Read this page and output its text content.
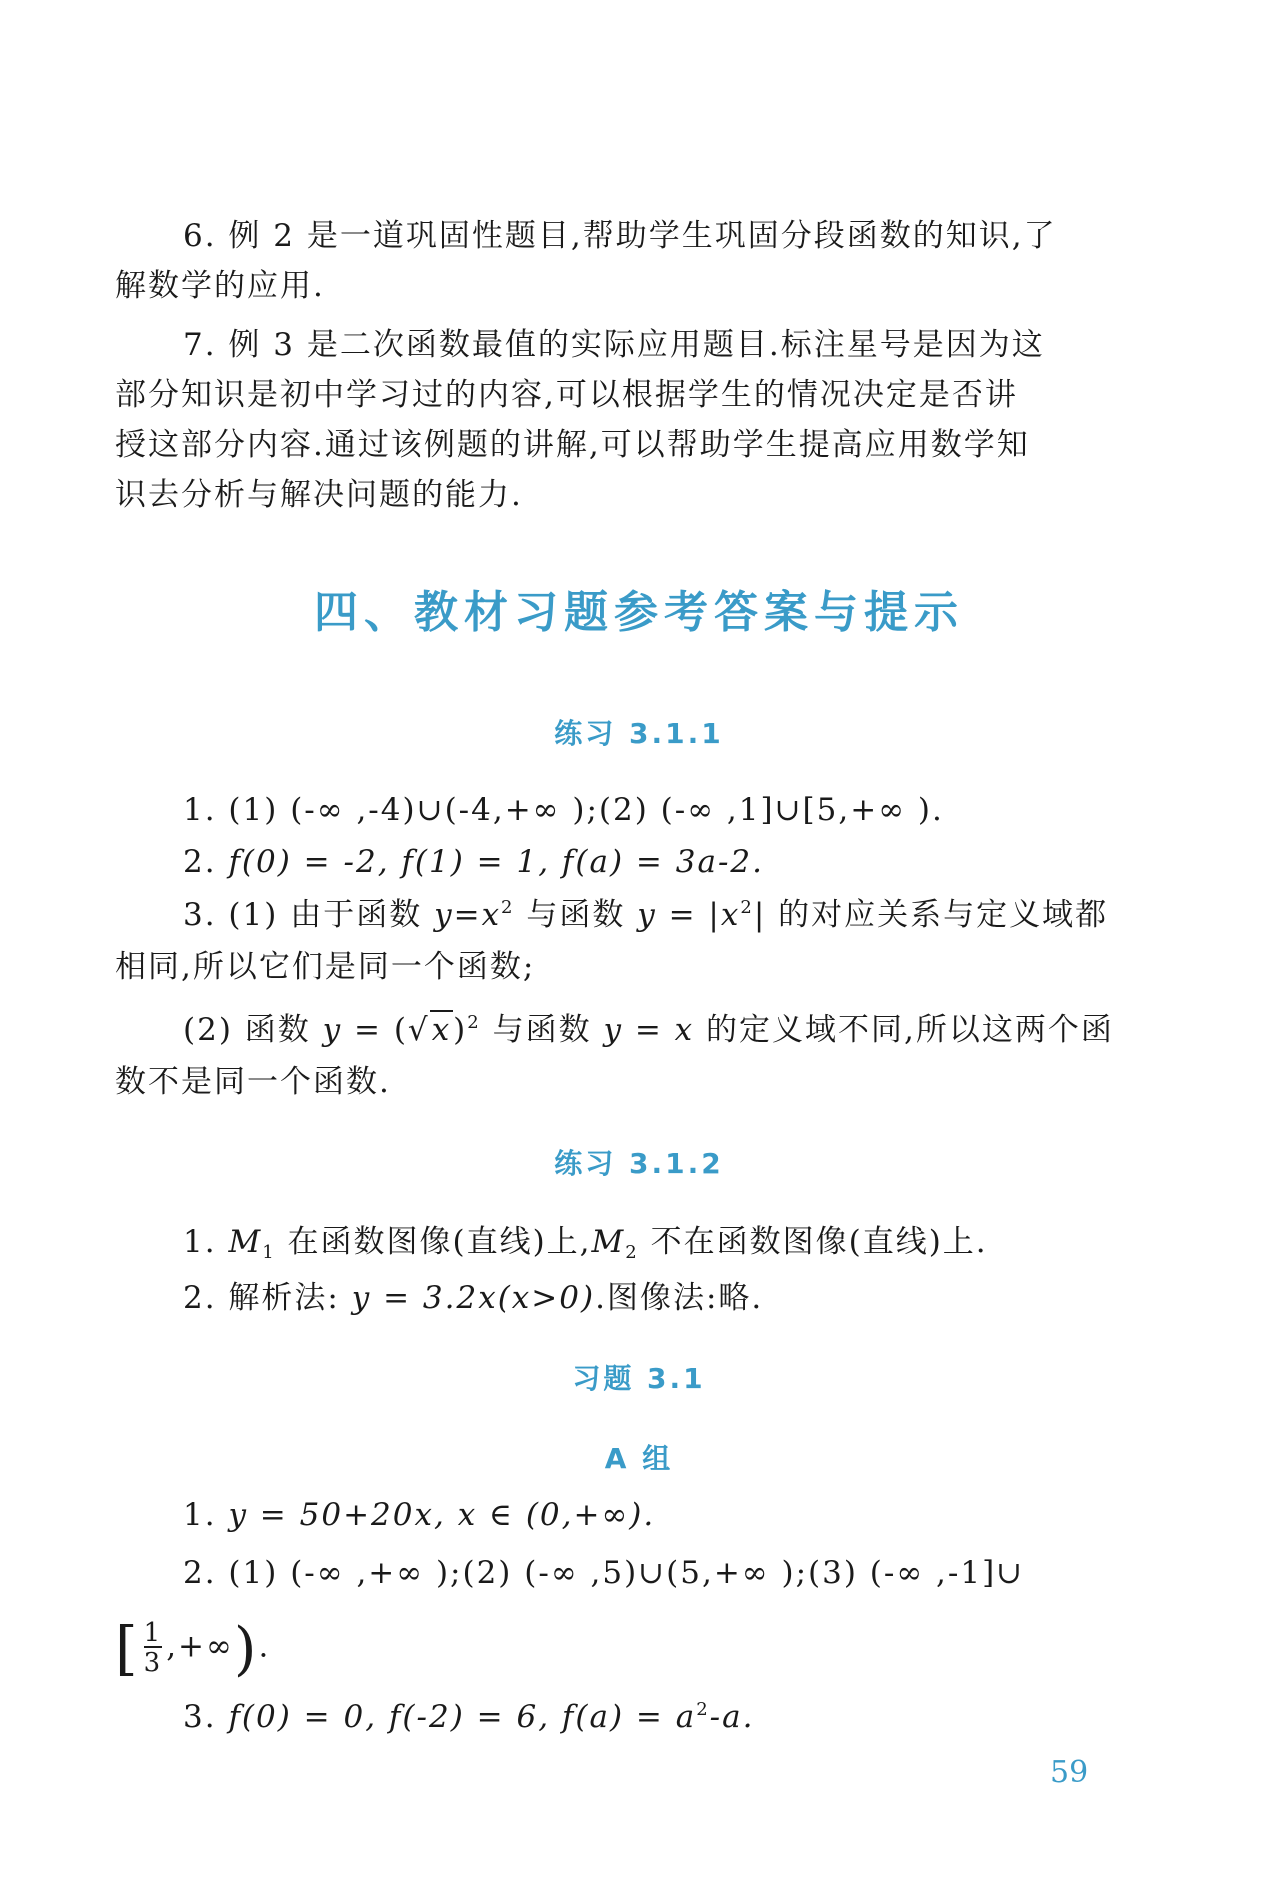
6. 例 2 是一道巩固性题目,帮助学生巩固分段函数的知识,了
解数学的应用.
7. 例 3 是二次函数最值的实际应用题目.标注星号是因为这
部分知识是初中学习过的内容,可以根据学生的情况决定是否讲
授这部分内容.通过该例题的讲解,可以帮助学生提高应用数学知
识去分析与解决问题的能力.
四、教材习题参考答案与提示
练习 3.1.1
1. (1) (-∞ ,-4)∪(-4,+∞ );(2) (-∞ ,1]∪[5,+∞ ).
2. f(0) = -2, f(1) = 1, f(a) = 3a-2.
3. (1) 由于函数 $y=x^2$ 与函数 $y = |x^2|$ 的对应关系与定义域都
相同,所以它们是同一个函数;
(2) 函数 $y = (√x)^2$ 与函数 y = x 的定义域不同,所以这两个函
数不是同一个函数.
练习 3.1.2
1. $M_1$ 在函数图像(直线)上$,M_2$ 不在函数图像(直线)上.
2. 解析法: y = 3.2x(x>0).图像法:略.
习题 3.1
A 组
1. y = 50+20x, x ∈ (0,+∞).
2. (1) (-∞ ,+∞ );(2) (-∞ ,5)∪(5,+∞ );(3) (-∞ ,-1]∪
[ $\frac{1}{3}$ ,+∞).
3. f(0) = 0, f(-2) = 6, $f(a) = a^2-a$.
59
